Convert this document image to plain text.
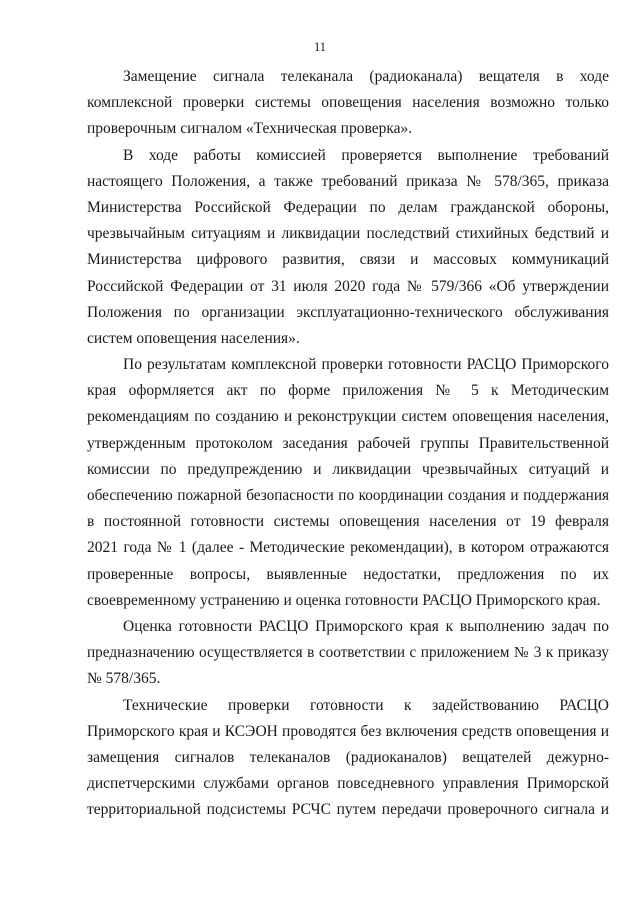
11
Замещение сигнала телеканала (радиоканала) вещателя в ходе
комплексной проверки системы оповещения населения возможно только
проверочным сигналом «Техническая проверка».
В ходе работы комиссией проверяется выполнение требований
настоящего Положения, а также требований приказа № 578/365, приказа
Министерства Российской Федерации по делам гражданской обороны,
чрезвычайным ситуациям и ликвидации последствий стихийных бедствий и
Министерства цифрового развития, связи и массовых коммуникаций
Российской Федерации от 31 июля 2020 года № 579/366 «Об утверждении
Положения по организации эксплуатационно-технического обслуживания
систем оповещения населения».
По результатам комплексной проверки готовности РАСЦО Приморского
края оформляется акт по форме приложения № 5 к Методическим
рекомендациям по созданию и реконструкции систем оповещения населения,
утвержденным протоколом заседания рабочей группы Правительственной
комиссии по предупреждению и ликвидации чрезвычайных ситуаций и
обеспечению пожарной безопасности по координации создания и поддержания
в постоянной готовности системы оповещения населения от 19 февраля
2021 года № 1 (далее - Методические рекомендации), в котором отражаются
проверенные вопросы, выявленные недостатки, предложения по их
своевременному устранению и оценка готовности РАСЦО Приморского края.
Оценка готовности РАСЦО Приморского края к выполнению задач по
предназначению осуществляется в соответствии с приложением № 3 к приказу
№ 578/365.
Технические проверки готовности к задействованию РАСЦО
Приморского края и КСЭОН проводятся без включения средств оповещения и
замещения сигналов телеканалов (радиоканалов) вещателей дежурно-
диспетчерскими службами органов повседневного управления Приморской
территориальной подсистемы РСЧС путем передачи проверочного сигнала и
